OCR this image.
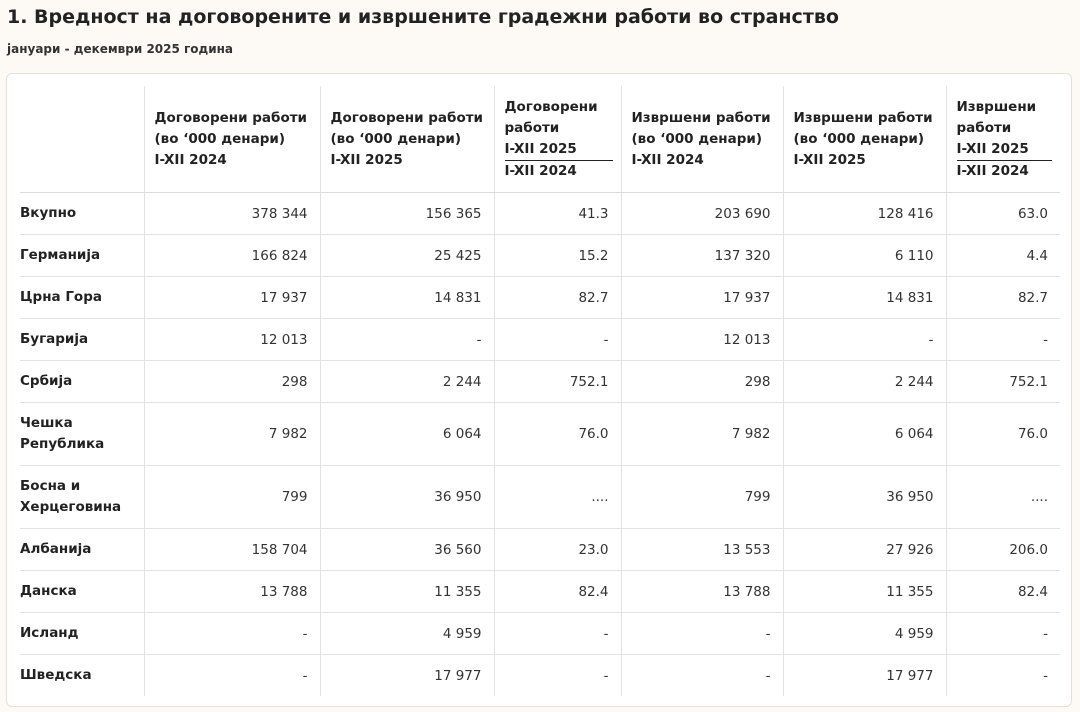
1. Вредност на договорените и извршените градежни работи во странство
јануари - декември 2025 година

	Договорени работи
(во ‘000 денари)
I-XII 2024	Договорени работи
(во ‘000 денари)
I-XII 2025	Договорени
работи
I-XII 2025
I-XII 2024	Извршени работи
(во ‘000 денари)
I-XII 2024	Извршени работи
(во ‘000 денари)
I-XII 2025	Извршени
работи
I-XII 2025
I-XII 2024

Вкупно	378 344	156 365	41.3	203 690	128 416	63.0
Германија	166 824	25 425	15.2	137 320	6 110	4.4
Црна Гора	17 937	14 831	82.7	17 937	14 831	82.7
Бугарија	12 013	-	-	12 013	-	-
Србија	298	2 244	752.1	298	2 244	752.1
Чешка Република	7 982	6 064	76.0	7 982	6 064	76.0
Босна и Херцеговина	799	36 950	....	799	36 950	....
Албанија	158 704	36 560	23.0	13 553	27 926	206.0
Данска	13 788	11 355	82.4	13 788	11 355	82.4
Исланд	-	4 959	-	-	4 959	-
Шведска	-	17 977	-	-	17 977	-
